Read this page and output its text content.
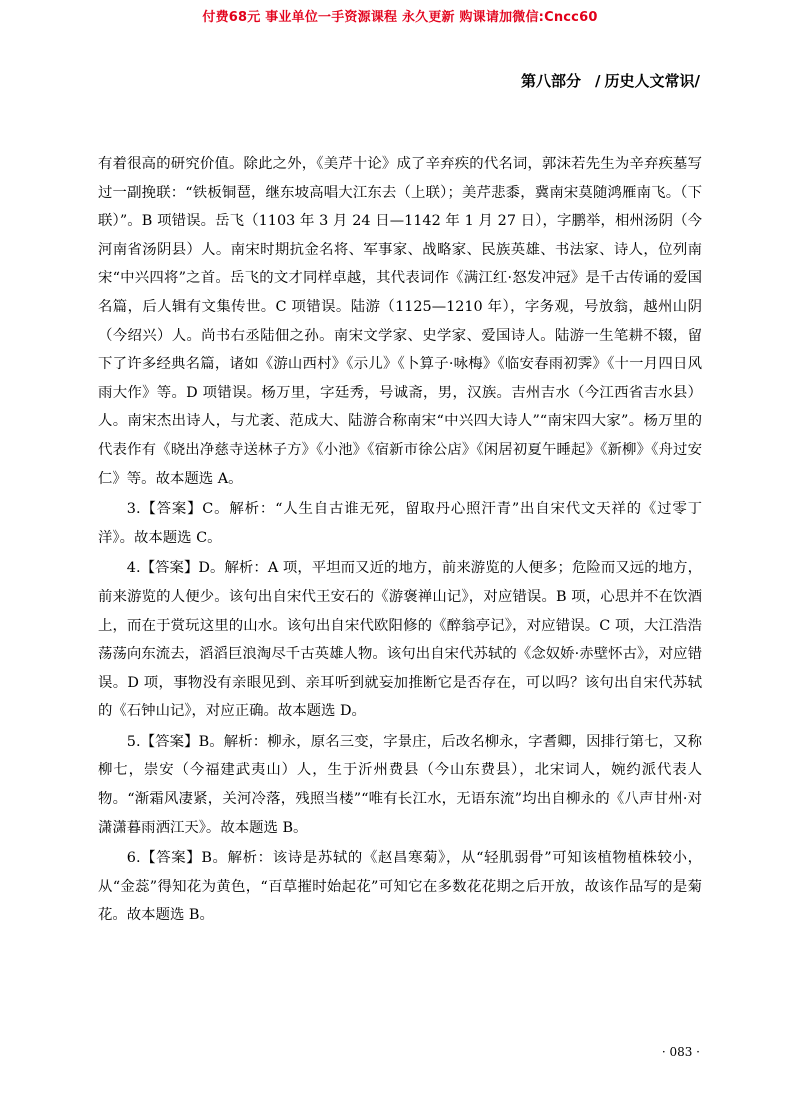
付费68元 事业单位一手资源课程 永久更新 购课请加微信:Cncc60
第八部分 / 历史人文常识/

有着很高的研究价值。除此之外，《美芹十论》成了辛弃疾的代名词，郭沫若先生为辛弃疾墓写过一副挽联：“铁板铜琶，继东坡高唱大江东去（上联）；美芹悲黍，冀南宋莫随鸿雁南飞。（下联）”。B 项错误。岳飞（1103 年 3 月 24 日—1142 年 1 月 27 日），字鹏举，相州汤阴（今河南省汤阴县）人。南宋时期抗金名将、军事家、战略家、民族英雄、书法家、诗人，位列南宋“中兴四将”之首。岳飞的文才同样卓越，其代表词作《满江红·怒发冲冠》是千古传诵的爱国名篇，后人辑有文集传世。C 项错误。陆游（1125—1210 年），字务观，号放翁，越州山阴（今绍兴）人。尚书右丞陆佃之孙。南宋文学家、史学家、爱国诗人。陆游一生笔耕不辍，留下了许多经典名篇，诸如《游山西村》《示儿》《卜算子·咏梅》《临安春雨初霁》《十一月四日风雨大作》等。D 项错误。杨万里，字廷秀，号诚斋，男，汉族。吉州吉水（今江西省吉水县）人。南宋杰出诗人，与尤袤、范成大、陆游合称南宋“中兴四大诗人”“南宋四大家”。杨万里的代表作有《晓出净慈寺送林子方》《小池》《宿新市徐公店》《闲居初夏午睡起》《新柳》《舟过安仁》等。故本题选 A。

3.【答案】C。解析：“人生自古谁无死，留取丹心照汗青”出自宋代文天祥的《过零丁洋》。故本题选 C。

4.【答案】D。解析：A 项，平坦而又近的地方，前来游览的人便多；危险而又远的地方，前来游览的人便少。该句出自宋代王安石的《游褒禅山记》，对应错误。B 项，心思并不在饮酒上，而在于赏玩这里的山水。该句出自宋代欧阳修的《醉翁亭记》，对应错误。C 项，大江浩浩荡荡向东流去，滔滔巨浪淘尽千古英雄人物。该句出自宋代苏轼的《念奴娇·赤壁怀古》，对应错误。D 项，事物没有亲眼见到、亲耳听到就妄加推断它是否存在，可以吗？该句出自宋代苏轼的《石钟山记》，对应正确。故本题选 D。

5.【答案】B。解析：柳永，原名三变，字景庄，后改名柳永，字耆卿，因排行第七，又称柳七，崇安（今福建武夷山）人，生于沂州费县（今山东费县），北宋词人，婉约派代表人物。“渐霜风凄紧，关河冷落，残照当楼”“唯有长江水，无语东流”均出自柳永的《八声甘州·对潇潇暮雨洒江天》。故本题选 B。

6.【答案】B。解析：该诗是苏轼的《赵昌寒菊》，从“轻肌弱骨”可知该植物植株较小，从“金蕊”得知花为黄色，“百草摧时始起花”可知它在多数花花期之后开放，故该作品写的是菊花。故本题选 B。

· 083 ·
